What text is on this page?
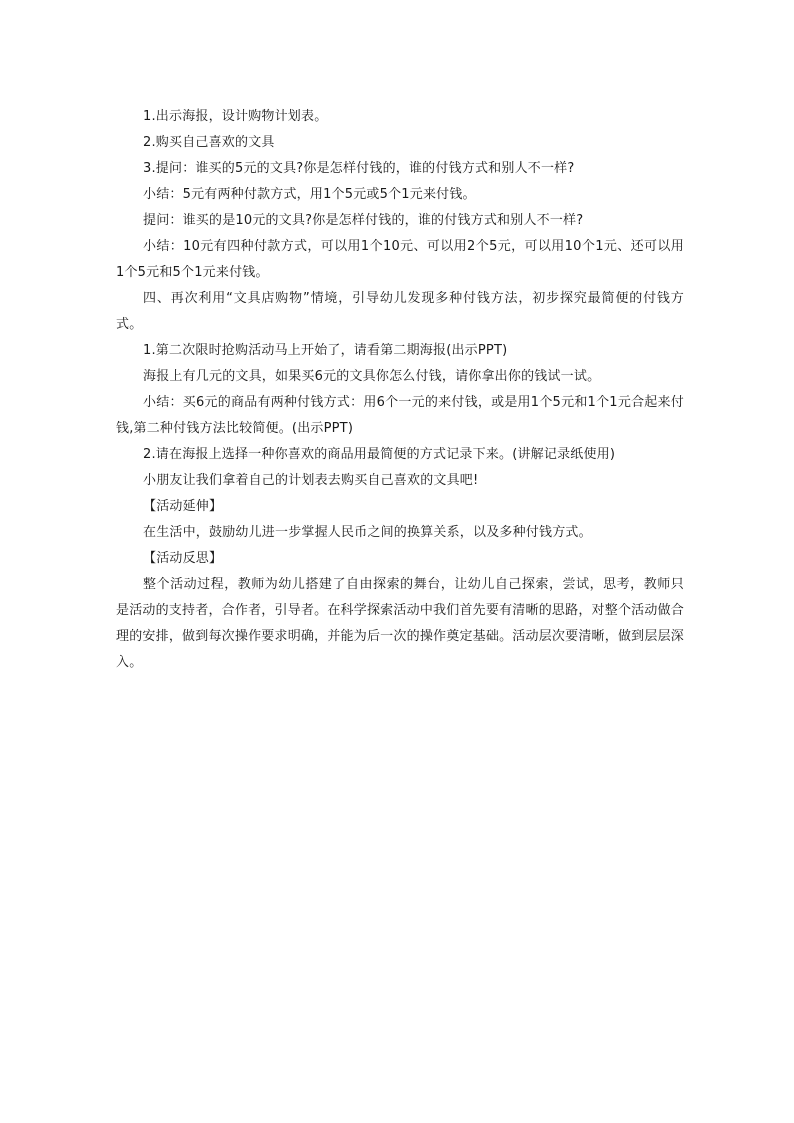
1.出示海报，设计购物计划表。

2.购买自己喜欢的文具

3.提问：谁买的5元的文具?你是怎样付钱的，谁的付钱方式和别人不一样?

小结：5元有两种付款方式，用1个5元或5个1元来付钱。

提问：谁买的是10元的文具?你是怎样付钱的，谁的付钱方式和别人不一样?

小结：10元有四种付款方式，可以用1个10元、可以用2个5元，可以用10个1元、还可以用1个5元和5个1元来付钱。

四、再次利用“文具店购物”情境，引导幼儿发现多种付钱方法，初步探究最简便的付钱方式。

1.第二次限时抢购活动马上开始了，请看第二期海报(出示PPT)

海报上有几元的文具，如果买6元的文具你怎么付钱，请你拿出你的钱试一试。

小结：买6元的商品有两种付钱方式：用6个一元的来付钱，或是用1个5元和1个1元合起来付钱,第二种付钱方法比较简便。(出示PPT)

2.请在海报上选择一种你喜欢的商品用最简便的方式记录下来。(讲解记录纸使用)

小朋友让我们拿着自己的计划表去购买自己喜欢的文具吧!

【活动延伸】

在生活中，鼓励幼儿进一步掌握人民币之间的换算关系，以及多种付钱方式。

【活动反思】

整个活动过程，教师为幼儿搭建了自由探索的舞台，让幼儿自己探索，尝试，思考，教师只是活动的支持者，合作者，引导者。在科学探索活动中我们首先要有清晰的思路，对整个活动做合理的安排，做到每次操作要求明确，并能为后一次的操作奠定基础。活动层次要清晰，做到层层深入。
